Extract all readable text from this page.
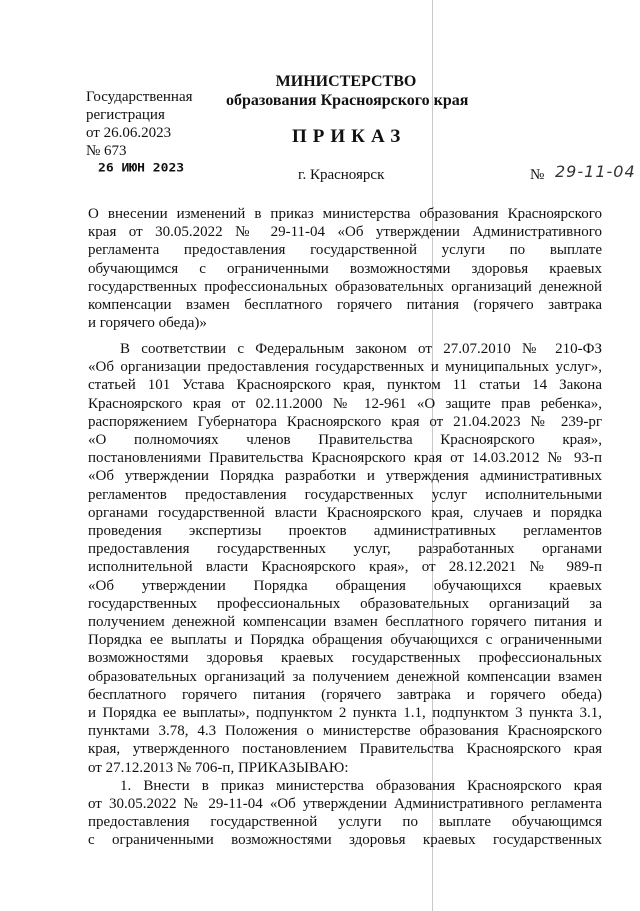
МИНИСТЕРСТВО
образования Красноярского края
ПРИКАЗ
Государственная
регистрация
от 26.06.2023
№ 673
26 ИЮН 2023	г. Красноярск	№ 29-11-04

О внесении изменений в приказ министерства образования Красноярского

края от 30.05.2022 № 29-11-04 «Об утверждении Административного

регламента предоставления государственной услуги по выплате

обучающимся с ограниченными возможностями здоровья краевых

государственных профессиональных образовательных организаций денежной

компенсации взамен бесплатного горячего питания (горячего завтрака

и горячего обеда)»

В соответствии с Федеральным законом от 27.07.2010 № 210-ФЗ

«Об организации предоставления государственных и муниципальных услуг»,

статьей 101 Устава Красноярского края, пунктом 11 статьи 14 Закона

Красноярского края от 02.11.2000 № 12-961 «О защите прав ребенка»,

распоряжением Губернатора Красноярского края от 21.04.2023 № 239-рг

«О полномочиях членов Правительства Красноярского края»,

постановлениями Правительства Красноярского края от 14.03.2012 № 93-п

«Об утверждении Порядка разработки и утверждения административных

регламентов предоставления государственных услуг исполнительными

органами государственной власти Красноярского края, случаев и порядка

проведения экспертизы проектов административных регламентов

предоставления государственных услуг, разработанных органами

исполнительной власти Красноярского края», от 28.12.2021 № 989-п

«Об утверждении Порядка обращения обучающихся краевых

государственных профессиональных образовательных организаций за

получением денежной компенсации взамен бесплатного горячего питания и

Порядка ее выплаты и Порядка обращения обучающихся с ограниченными

возможностями здоровья краевых государственных профессиональных

образовательных организаций за получением денежной компенсации взамен

бесплатного горячего питания (горячего завтрака и горячего обеда)

и Порядка ее выплаты», подпунктом 2 пункта 1.1, подпунктом 3 пункта 3.1,

пунктами 3.78, 4.3 Положения о министерстве образования Красноярского

края, утвержденного постановлением Правительства Красноярского края

от 27.12.2013 № 706-п, ПРИКАЗЫВАЮ:

1. Внести в приказ министерства образования Красноярского края

от 30.05.2022 № 29-11-04 «Об утверждении Административного регламента

предоставления государственной услуги по выплате обучающимся

с ограниченными возможностями здоровья краевых государственных
